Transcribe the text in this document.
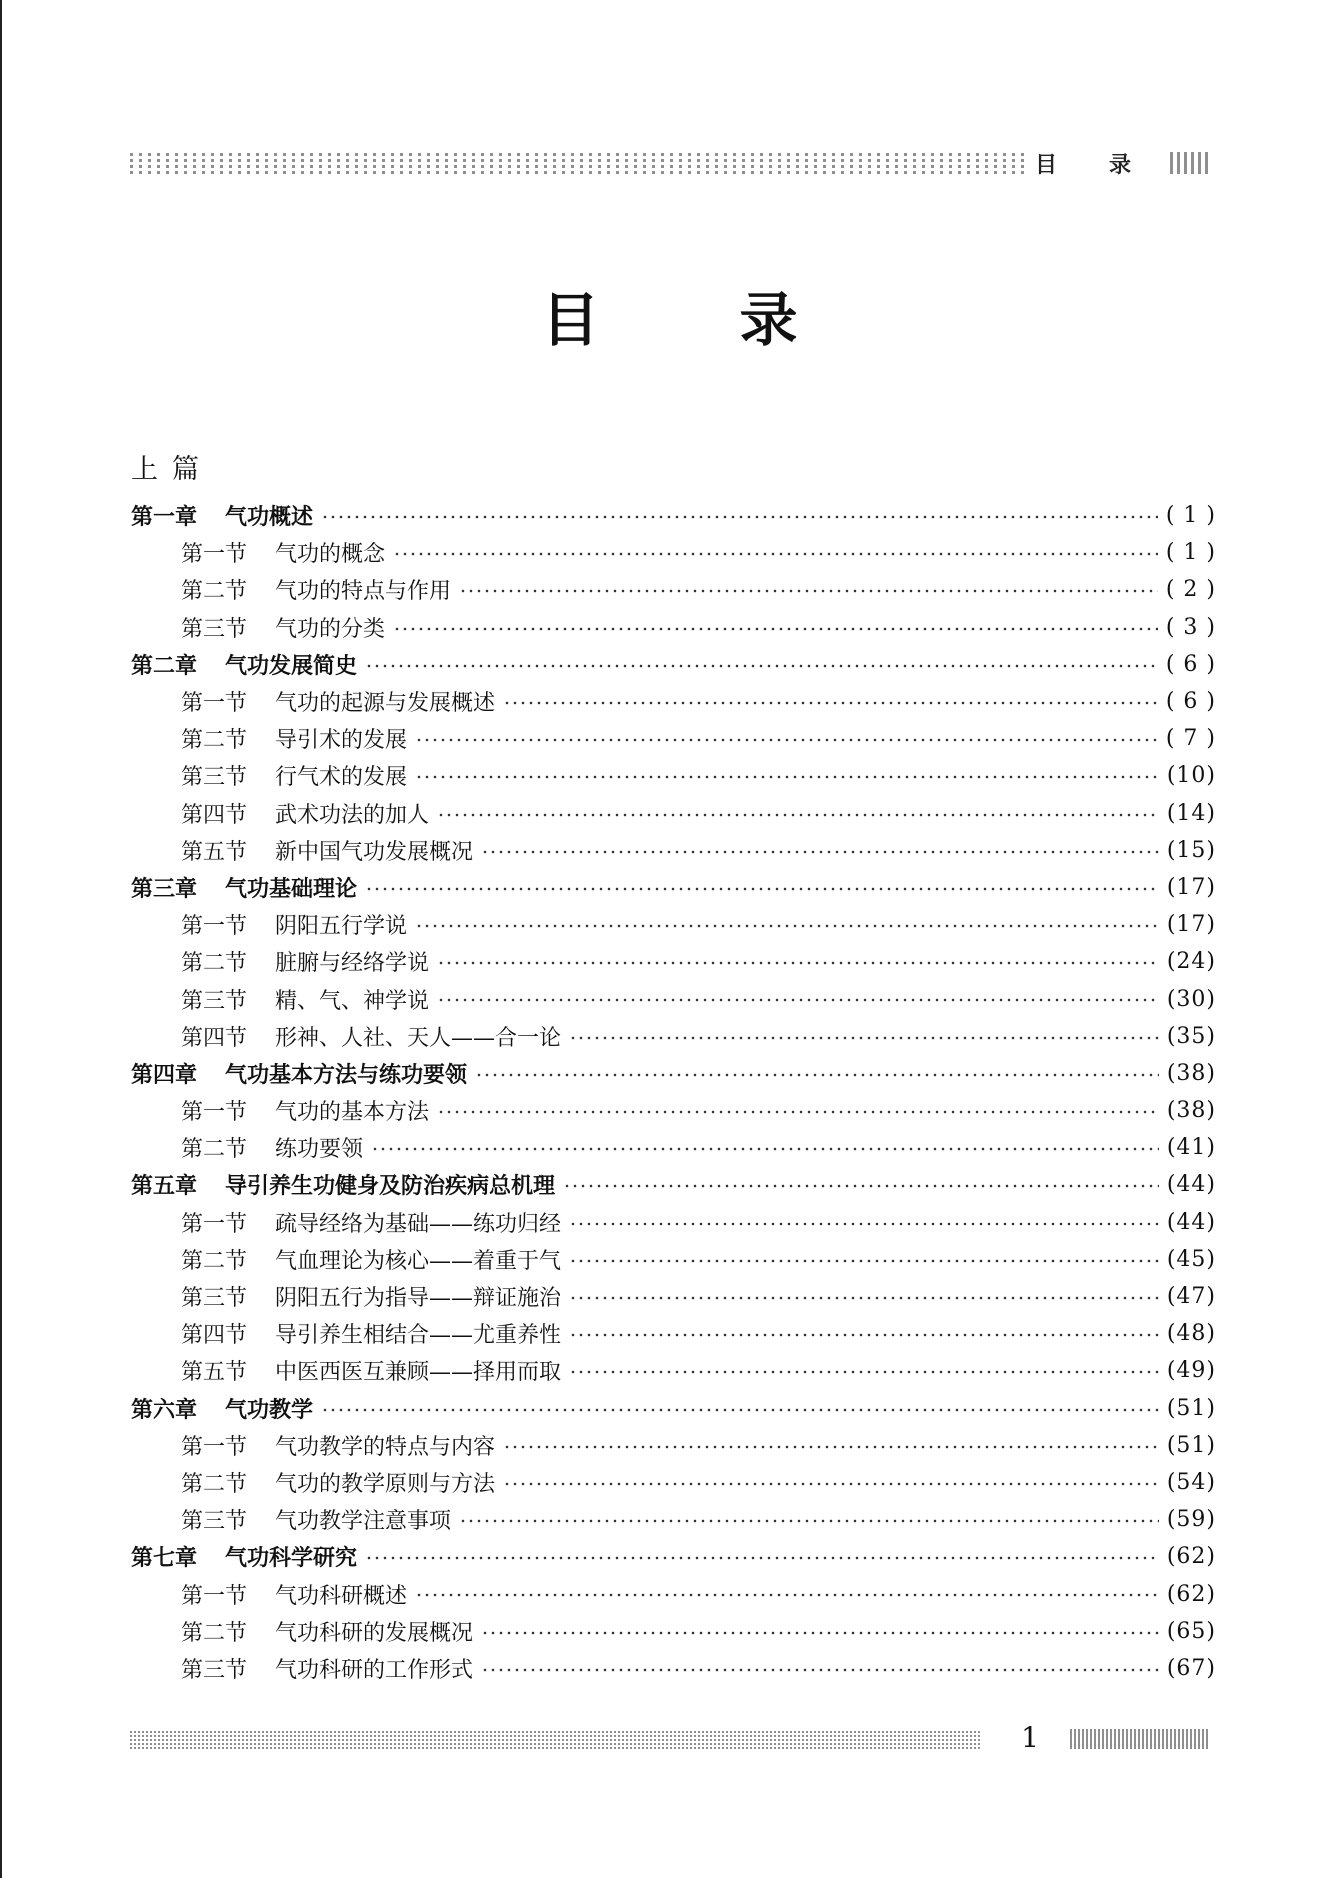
目 录
目录
上篇
第一章 气功概述	( 1 )
第一节 气功的概念	( 1 )
第二节 气功的特点与作用	( 2 )
第三节 气功的分类	( 3 )
第二章 气功发展简史	( 6 )
第一节 气功的起源与发展概述	( 6 )
第二节 导引术的发展	( 7 )
第三节 行气术的发展	(10)
第四节 武术功法的加人	(14)
第五节 新中国气功发展概况	(15)
第三章 气功基础理论	(17)
第一节 阴阳五行学说	(17)
第二节 脏腑与经络学说	(24)
第三节 精、气、神学说	(30)
第四节 形神、人社、天人——合一论	(35)
第四章 气功基本方法与练功要领	(38)
第一节 气功的基本方法	(38)
第二节 练功要领	(41)
第五章 导引养生功健身及防治疾病总机理	(44)
第一节 疏导经络为基础——练功归经	(44)
第二节 气血理论为核心——着重于气	(45)
第三节 阴阳五行为指导——辩证施治	(47)
第四节 导引养生相结合——尤重养性	(48)
第五节 中医西医互兼顾——择用而取	(49)
第六章 气功教学	(51)
第一节 气功教学的特点与内容	(51)
第二节 气功的教学原则与方法	(54)
第三节 气功教学注意事项	(59)
第七章 气功科学研究	(62)
第一节 气功科研概述	(62)
第二节 气功科研的发展概况	(65)
第三节 气功科研的工作形式	(67)
1
